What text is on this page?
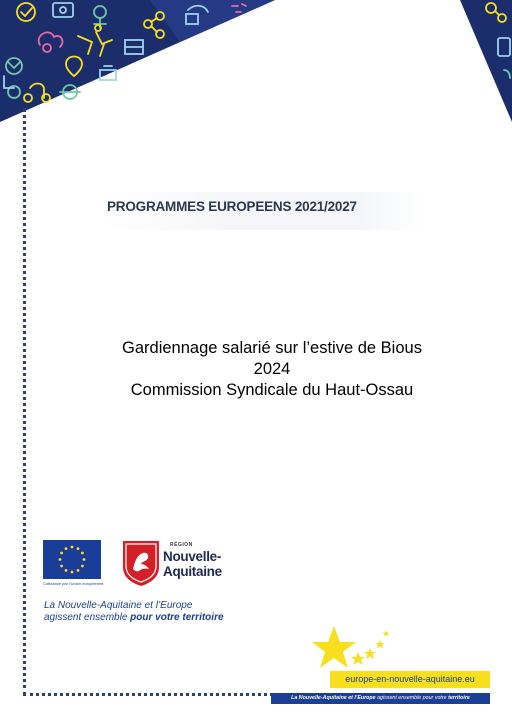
PROGRAMMES EUROPEENS 2021/2027
Gardiennage salarié sur l’estive de Bious
2024
Commission Syndicale du Haut-Ossau
Cofinancé par l'Union européenne
RÉGION
Nouvelle-
Aquitaine
La Nouvelle-Aquitaine et l’Europe
agissent ensemble pour votre territoire
europe-en-nouvelle-aquitaine.eu
La Nouvelle-Aquitaine et l’Europe agissent ensemble pour votre territoire
